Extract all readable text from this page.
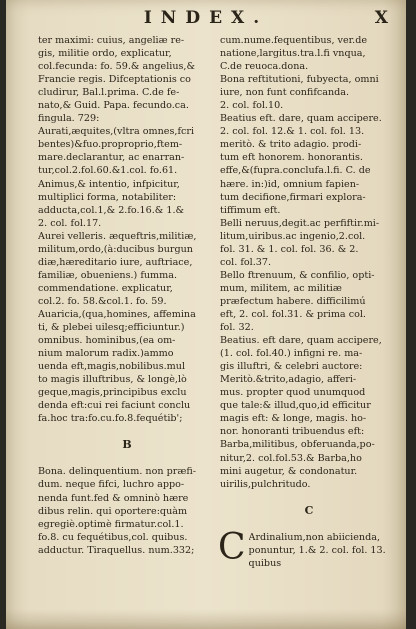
INDEX.	X
ter maximi: cuius, angeliæ re-
gis, militie ordo, explicatur,
col.fecunda: fo. 59.& angelius,&
Francie regis. Difceptationis co
cludirur, Bal.l.prima. C.de fe-
nato,& Guid. Papa. fecundo.ca.
fingula. 729:
Aurati,æquites,(vltra omnes,fcri
bentes)&fuo.proproprio,ftem-
mare.declarantur, ac enarran-
tur,col.2.fol.60.&1.col. fo.61.
Animus,& intentio, infpicitur,
multiplici forma, notabiliter:
adducta,col.1,& 2.fo.16.& 1.&
2. col. fol.17.
Aurei velleris. æqueftris,militiæ,
militum,ordo,(à:ducibus burgun
diæ,hæreditario iure, auftriace,
familiæ, obueniens.) fumma.
commendatione. explicatur,
col.2. fo. 58.&col.1. fo. 59.
Auaricia,(qua,homines, affemina
ti, & plebei uilesq;efficiuntur.)
omnibus. hominibus,(ea om-
nium malorum radix.)ammo
uenda eft,magis,nobilibus.mul
to magis illuftribus, & longè,lò
geque,magis,principibus exclu
denda eft:cui rei faciunt conclu
fa.hoc tra:fo.cu.fo.8.fequétib';
B
Bona. delinquentium. non præfi-
dum. neque fifci, luchro appo-
nenda funt.fed & omninò hære
dibus relin. qui oportere:quàm
egregiè.optimè firmatur.col.1.
fo.8. cu fequétibus,col. quibus.
adductur. Tiraquellus. num.332;
cum.nume.fequentibus, ver.de
natione,largitus.tra.l.fi vnqua,
C.de reuoca.dona.
Bona reftitutioni, fubyecta, omni
iure, non funt confifcanda.
2. col. fol.10.
Beatius eft. dare, quam accipere.
2. col. fol. 12.& 1. col. fol. 13.
meritò. & trito adagio. prodi-
tum eft honorem. honorantis.
effe,&(fupra.conclufa.l.fi. C. de
hære. in:)id, omnium fapien-
tum decifione,firmari explora-
tiffimum eft.
Belli neruus,degit.ac perfiftir.mi-
litum,uiribus.ac ingenio,2.col.
fol. 31. & 1. col. fol. 36. & 2.
col. fol.37.
Bello ftrenuum, & confilio, opti-
mum, militem, ac militiæ
præfectum habere. difficilimú
eft, 2. col. fol.31. & prima col.
fol. 32.
Beatius. eft dare, quam accipere,
(1. col. fol.40.) infigni re. ma-
gis illuftri, & celebri auctore:
Meritò.&trito,adagio, afferi-
mus. propter quod unumquod
que tale:& illud,quo,id efficitur
magis eft: & longe, magis. ho-
nor. honoranti tribuendus eft:
Barba,militibus, obferuanda,po-
nitur,2. col.fol.53.& Barba,ho
mini augetur, & condonatur.
uirilis,pulchritudo.
C
C Ardinalium,non abiicienda,
ponuntur, 1.& 2. col. fol. 13.
quibus
